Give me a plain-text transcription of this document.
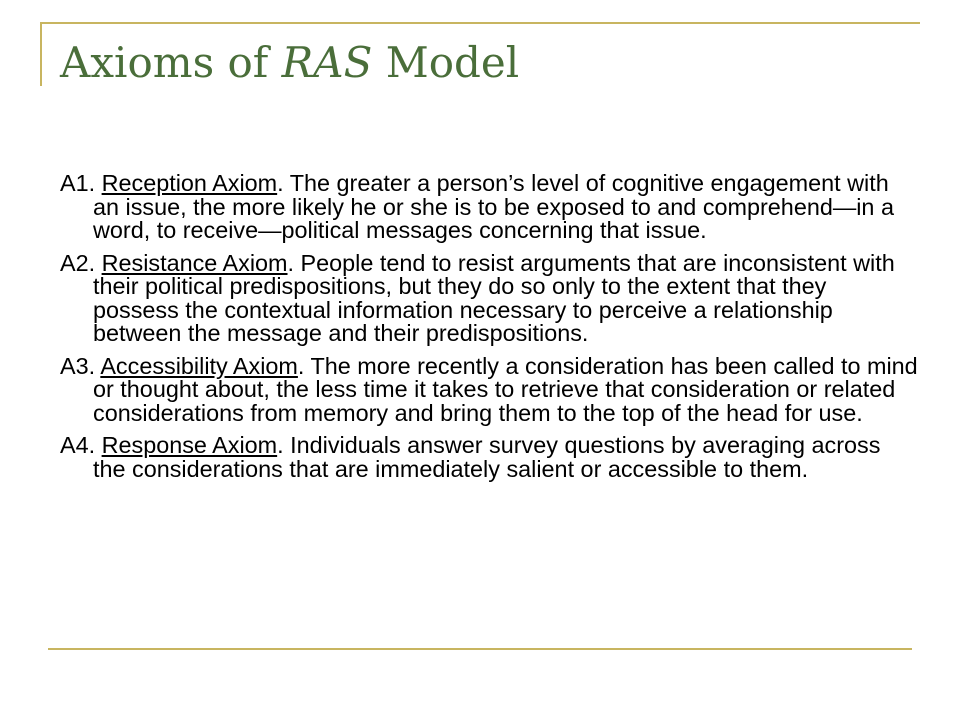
Axioms of RAS Model

A1. Reception Axiom. The greater a person’s level of cognitive engagement with an issue, the more likely he or she is to be exposed to and comprehend—in a word, to receive—political messages concerning that issue.

A2. Resistance Axiom. People tend to resist arguments that are inconsistent with their political predispositions, but they do so only to the extent that they possess the contextual information necessary to perceive a relationship between the message and their predispositions.

A3. Accessibility Axiom. The more recently a consideration has been called to mind or thought about, the less time it takes to retrieve that consideration or related considerations from memory and bring them to the top of the head for use.

A4. Response Axiom. Individuals answer survey questions by averaging across the considerations that are immediately salient or accessible to them.
